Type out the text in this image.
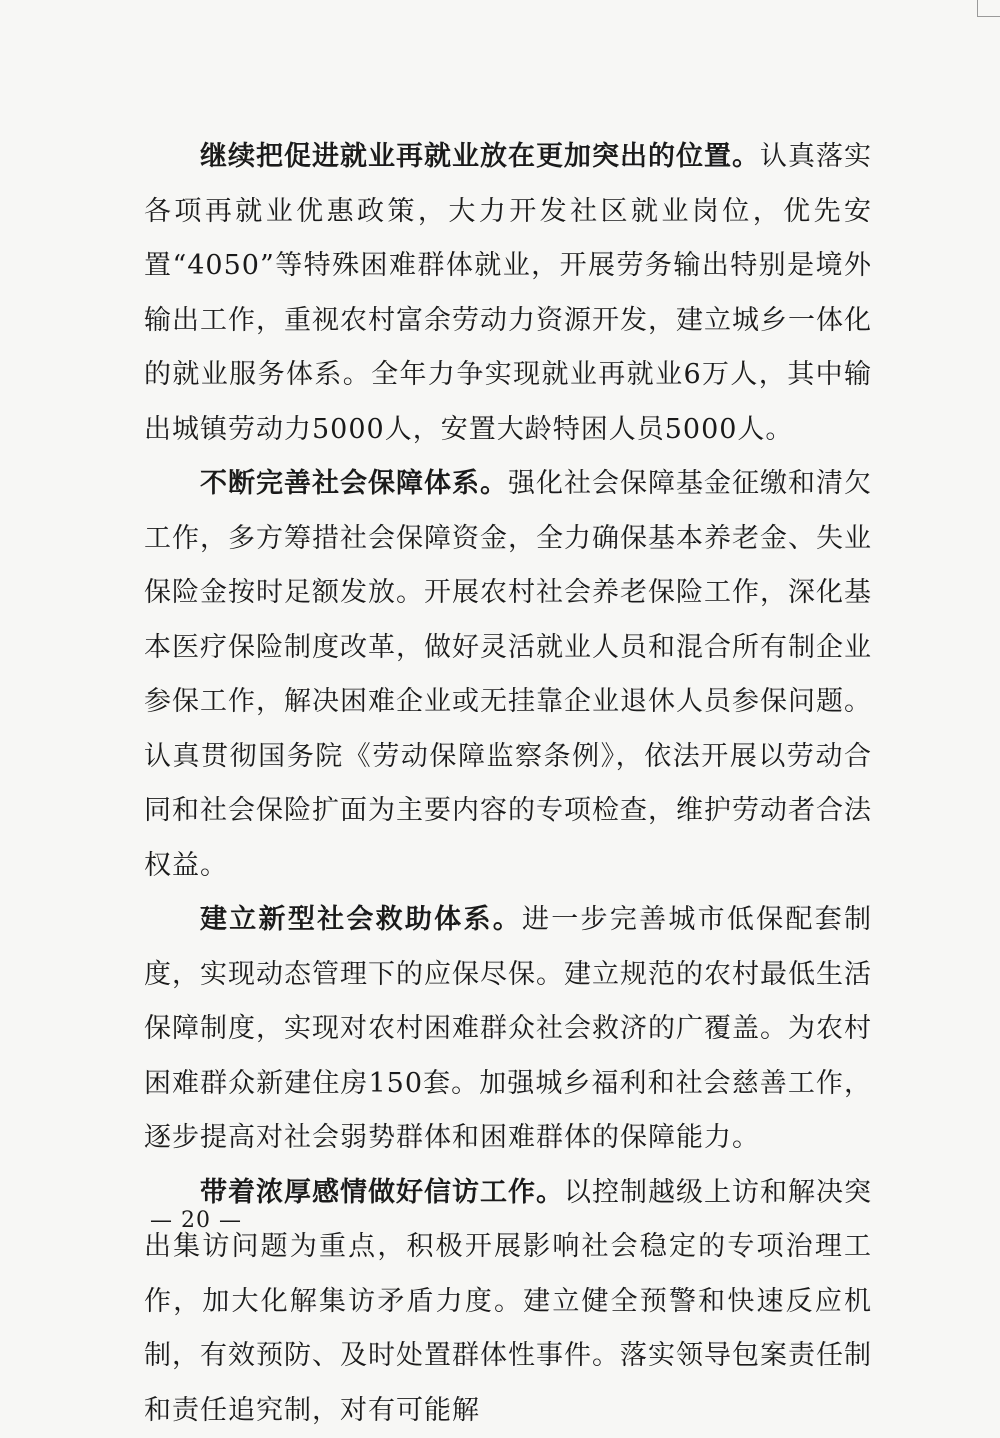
继续把促进就业再就业放在更加突出的位置。认真落实各项再就业优惠政策，大力开发社区就业岗位，优先安置“4050”等特殊困难群体就业，开展劳务输出特别是境外输出工作，重视农村富余劳动力资源开发，建立城乡一体化的就业服务体系。全年力争实现就业再就业6万人，其中输出城镇劳动力5000人，安置大龄特困人员5000人。

不断完善社会保障体系。强化社会保障基金征缴和清欠工作，多方筹措社会保障资金，全力确保基本养老金、失业保险金按时足额发放。开展农村社会养老保险工作，深化基本医疗保险制度改革，做好灵活就业人员和混合所有制企业参保工作，解决困难企业或无挂靠企业退休人员参保问题。认真贯彻国务院《劳动保障监察条例》，依法开展以劳动合同和社会保险扩面为主要内容的专项检查，维护劳动者合法权益。

建立新型社会救助体系。进一步完善城市低保配套制度，实现动态管理下的应保尽保。建立规范的农村最低生活保障制度，实现对农村困难群众社会救济的广覆盖。为农村困难群众新建住房150套。加强城乡福利和社会慈善工作，逐步提高对社会弱势群体和困难群体的保障能力。

带着浓厚感情做好信访工作。以控制越级上访和解决突出集访问题为重点，积极开展影响社会稳定的专项治理工作，加大化解集访矛盾力度。建立健全预警和快速反应机制，有效预防、及时处置群体性事件。落实领导包案责任制和责任追究制，对有可能解

— 20 —
